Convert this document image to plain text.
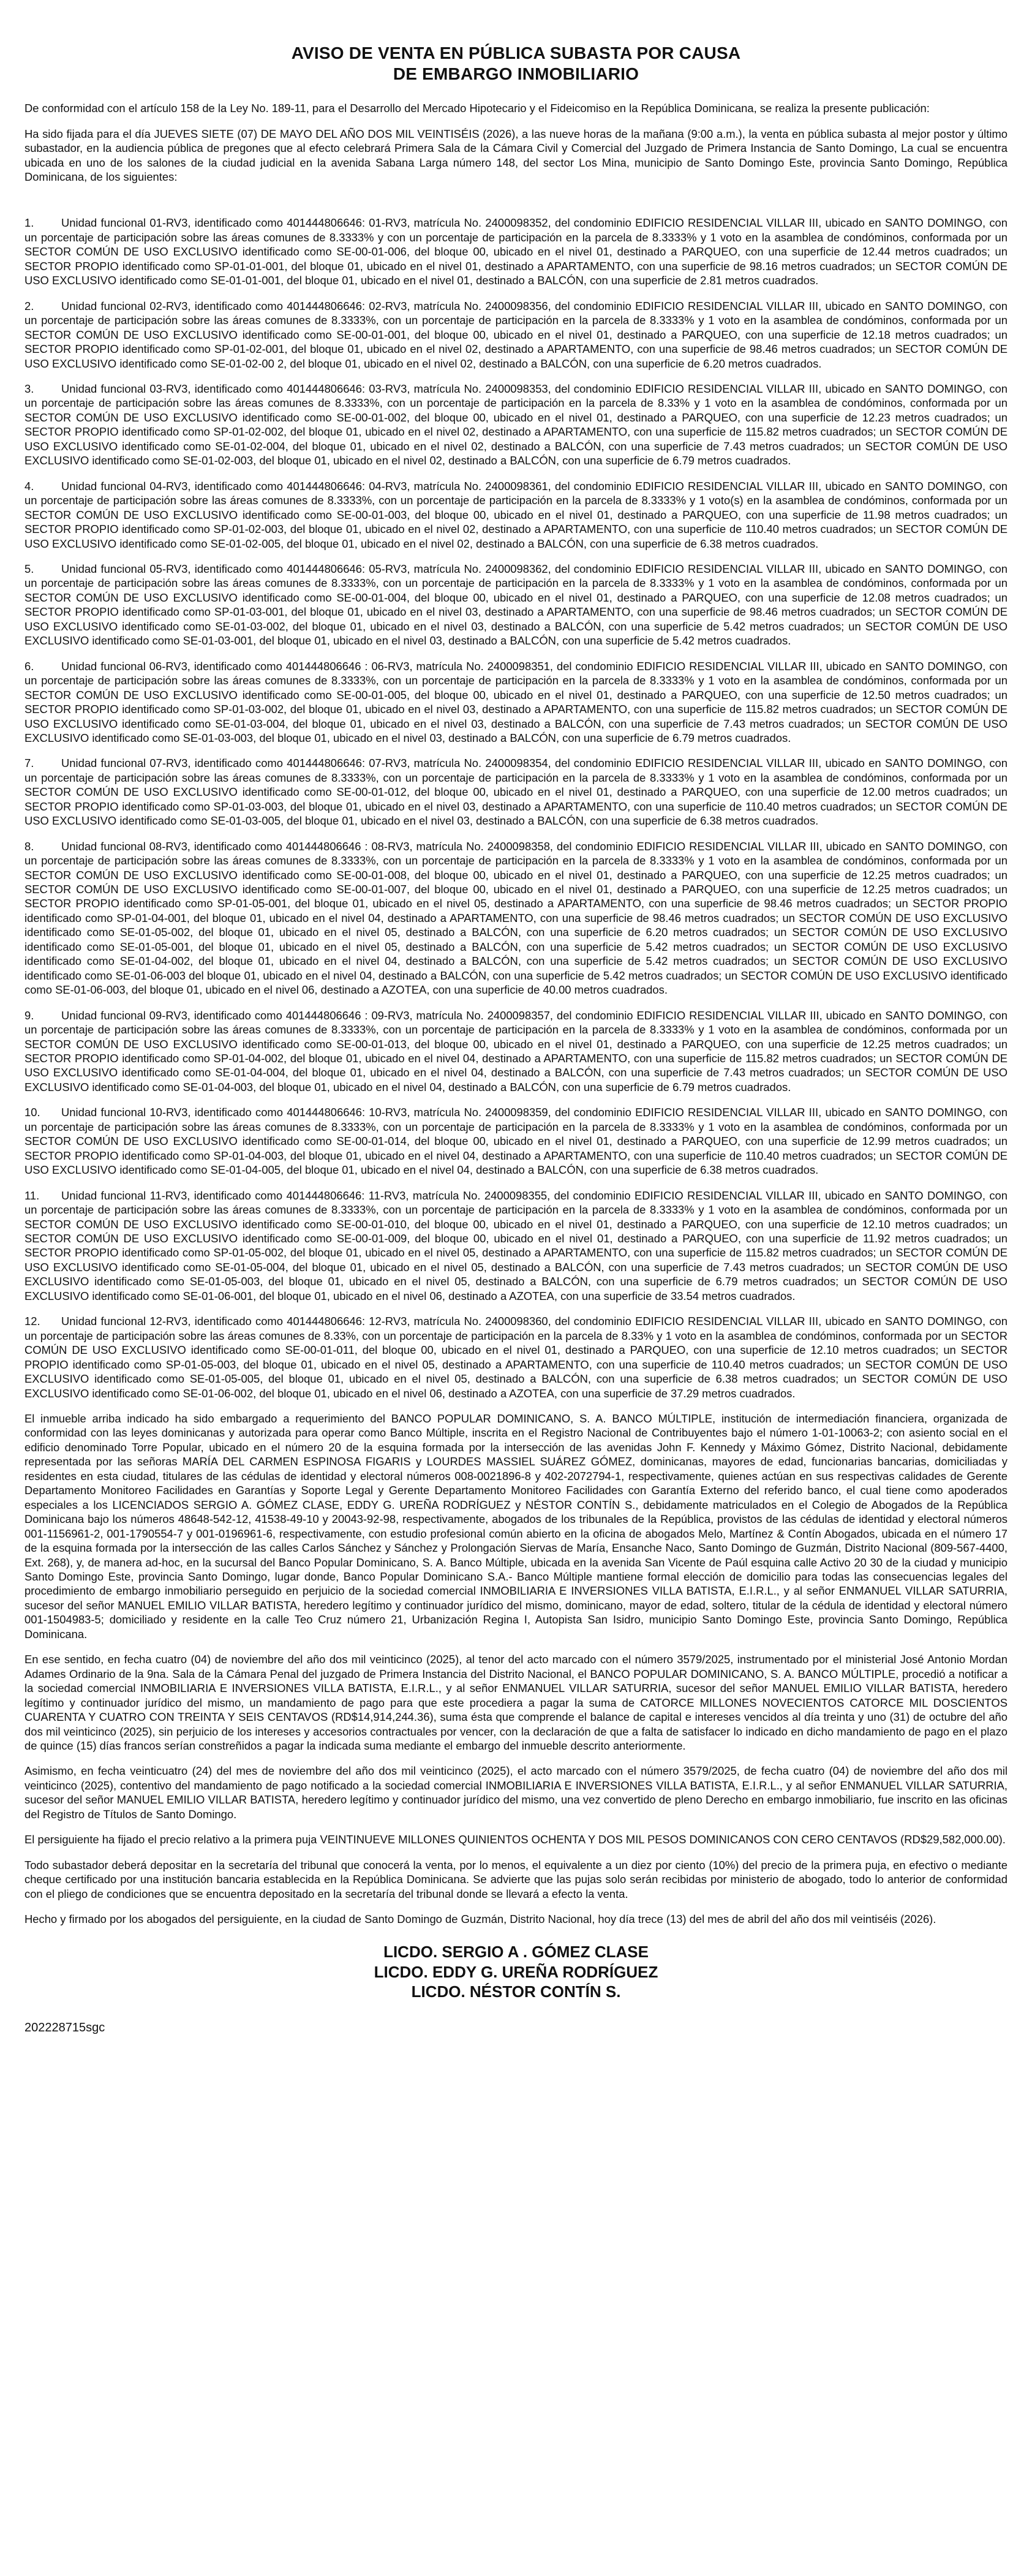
AVISO DE VENTA EN PÚBLICA SUBASTA POR CAUSA
DE EMBARGO INMOBILIARIO

De conformidad con el artículo 158 de la Ley No. 189-11, para el Desarrollo del Mercado Hipotecario y el Fideicomiso en la República Dominicana, se realiza la presente publicación:

Ha sido fijada para el día JUEVES SIETE (07) DE MAYO DEL AÑO DOS MIL VEINTISÉIS (2026), a las nueve horas de la mañana (9:00 a.m.), la venta en pública subasta al mejor postor y último subastador, en la audiencia pública de pregones que al efecto celebrará Primera Sala de la Cámara Civil y Comercial del Juzgado de Primera Instancia de Santo Domingo, La cual se encuentra ubicada en uno de los salones de la ciudad judicial en la avenida Sabana Larga número 148, del sector Los Mina, municipio de Santo Domingo Este, provincia Santo Domingo, República Dominicana, de los siguientes:

1. Unidad funcional 01-RV3, identificado como 401444806646: 01-RV3, matrícula No. 2400098352, del condominio EDIFICIO RESIDENCIAL VILLAR III, ubicado en SANTO DOMINGO, con un porcentaje de participación sobre las áreas comunes de 8.3333% y con un porcentaje de participación en la parcela de 8.3333% y 1 voto en la asamblea de condóminos, conformada por un SECTOR COMÚN DE USO EXCLUSIVO identificado como SE-00-01-006, del bloque 00, ubicado en el nivel 01, destinado a PARQUEO, con una superficie de 12.44 metros cuadrados; un SECTOR PROPIO identificado como SP-01-01-001, del bloque 01, ubicado en el nivel 01, destinado a APARTAMENTO, con una superficie de 98.16 metros cuadrados; un SECTOR COMÚN DE USO EXCLUSIVO identificado como SE-01-01-001, del bloque 01, ubicado en el nivel 01, destinado a BALCÓN, con una superficie de 2.81 metros cuadrados.
2. Unidad funcional 02-RV3, identificado como 401444806646: 02-RV3, matrícula No. 2400098356, del condominio EDIFICIO RESIDENCIAL VILLAR III, ubicado en SANTO DOMINGO, con un porcentaje de participación sobre las áreas comunes de 8.3333%, con un porcentaje de participación en la parcela de 8.3333% y 1 voto en la asamblea de condóminos, conformada por un SECTOR COMÚN DE USO EXCLUSIVO identificado como SE-00-01-001, del bloque 00, ubicado en el nivel 01, destinado a PARQUEO, con una superficie de 12.18 metros cuadrados; un SECTOR PROPIO identificado como SP-01-02-001, del bloque 01, ubicado en el nivel 02, destinado a APARTAMENTO, con una superficie de 98.46 metros cuadrados; un SECTOR COMÚN DE USO EXCLUSIVO identificado como SE-01-02-00 2, del bloque 01, ubicado en el nivel 02, destinado a BALCÓN, con una superficie de 6.20 metros cuadrados.
3. Unidad funcional 03-RV3, identificado como 401444806646: 03-RV3, matrícula No. 2400098353, del condominio EDIFICIO RESIDENCIAL VILLAR III, ubicado en SANTO DOMINGO, con un porcentaje de participación sobre las áreas comunes de 8.3333%, con un porcentaje de participación en la parcela de 8.33% y 1 voto en la asamblea de condóminos, conformada por un SECTOR COMÚN DE USO EXCLUSIVO identificado como SE-00-01-002, del bloque 00, ubicado en el nivel 01, destinado a PARQUEO, con una superficie de 12.23 metros cuadrados; un SECTOR PROPIO identificado como SP-01-02-002, del bloque 01, ubicado en el nivel 02, destinado a APARTAMENTO, con una superficie de 115.82 metros cuadrados; un SECTOR COMÚN DE USO EXCLUSIVO identificado como SE-01-02-004, del bloque 01, ubicado en el nivel 02, destinado a BALCÓN, con una superficie de 7.43 metros cuadrados; un SECTOR COMÚN DE USO EXCLUSIVO identificado como SE-01-02-003, del bloque 01, ubicado en el nivel 02, destinado a BALCÓN, con una superficie de 6.79 metros cuadrados.
4. Unidad funcional 04-RV3, identificado como 401444806646: 04-RV3, matrícula No. 2400098361, del condominio EDIFICIO RESIDENCIAL VILLAR III, ubicado en SANTO DOMINGO, con un porcentaje de participación sobre las áreas comunes de 8.3333%, con un porcentaje de participación en la parcela de 8.3333% y 1 voto(s) en la asamblea de condóminos, conformada por un SECTOR COMÚN DE USO EXCLUSIVO identificado como SE-00-01-003, del bloque 00, ubicado en el nivel 01, destinado a PARQUEO, con una superficie de 11.98 metros cuadrados; un SECTOR PROPIO identificado como SP-01-02-003, del bloque 01, ubicado en el nivel 02, destinado a APARTAMENTO, con una superficie de 110.40 metros cuadrados; un SECTOR COMÚN DE USO EXCLUSIVO identificado como SE-01-02-005, del bloque 01, ubicado en el nivel 02, destinado a BALCÓN, con una superficie de 6.38 metros cuadrados.
5. Unidad funcional 05-RV3, identificado como 401444806646: 05-RV3, matrícula No. 2400098362, del condominio EDIFICIO RESIDENCIAL VILLAR III, ubicado en SANTO DOMINGO, con un porcentaje de participación sobre las áreas comunes de 8.3333%, con un porcentaje de participación en la parcela de 8.3333% y 1 voto en la asamblea de condóminos, conformada por un SECTOR COMÚN DE USO EXCLUSIVO identificado como SE-00-01-004, del bloque 00, ubicado en el nivel 01, destinado a PARQUEO, con una superficie de 12.08 metros cuadrados; un SECTOR PROPIO identificado como SP-01-03-001, del bloque 01, ubicado en el nivel 03, destinado a APARTAMENTO, con una superficie de 98.46 metros cuadrados; un SECTOR COMÚN DE USO EXCLUSIVO identificado como SE-01-03-002, del bloque 01, ubicado en el nivel 03, destinado a BALCÓN, con una superficie de 5.42 metros cuadrados; un SECTOR COMÚN DE USO EXCLUSIVO identificado como SE-01-03-001, del bloque 01, ubicado en el nivel 03, destinado a BALCÓN, con una superficie de 5.42 metros cuadrados.
6. Unidad funcional 06-RV3, identificado como 401444806646 : 06-RV3, matrícula No. 2400098351, del condominio EDIFICIO RESIDENCIAL VILLAR III, ubicado en SANTO DOMINGO, con un porcentaje de participación sobre las áreas comunes de 8.3333%, con un porcentaje de participación en la parcela de 8.3333% y 1 voto en la asamblea de condóminos, conformada por un SECTOR COMÚN DE USO EXCLUSIVO identificado como SE-00-01-005, del bloque 00, ubicado en el nivel 01, destinado a PARQUEO, con una superficie de 12.50 metros cuadrados; un SECTOR PROPIO identificado como SP-01-03-002, del bloque 01, ubicado en el nivel 03, destinado a APARTAMENTO, con una superficie de 115.82 metros cuadrados; un SECTOR COMÚN DE USO EXCLUSIVO identificado como SE-01-03-004, del bloque 01, ubicado en el nivel 03, destinado a BALCÓN, con una superficie de 7.43 metros cuadrados; un SECTOR COMÚN DE USO EXCLUSIVO identificado como SE-01-03-003, del bloque 01, ubicado en el nivel 03, destinado a BALCÓN, con una superficie de 6.79 metros cuadrados.
7. Unidad funcional 07-RV3, identificado como 401444806646: 07-RV3, matrícula No. 2400098354, del condominio EDIFICIO RESIDENCIAL VILLAR III, ubicado en SANTO DOMINGO, con un porcentaje de participación sobre las áreas comunes de 8.3333%, con un porcentaje de participación en la parcela de 8.3333% y 1 voto en la asamblea de condóminos, conformada por un SECTOR COMÚN DE USO EXCLUSIVO identificado como SE-00-01-012, del bloque 00, ubicado en el nivel 01, destinado a PARQUEO, con una superficie de 12.00 metros cuadrados; un SECTOR PROPIO identificado como SP-01-03-003, del bloque 01, ubicado en el nivel 03, destinado a APARTAMENTO, con una superficie de 110.40 metros cuadrados; un SECTOR COMÚN DE USO EXCLUSIVO identificado como SE-01-03-005, del bloque 01, ubicado en el nivel 03, destinado a BALCÓN, con una superficie de 6.38 metros cuadrados.
8. Unidad funcional 08-RV3, identificado como 401444806646 : 08-RV3, matrícula No. 2400098358, del condominio EDIFICIO RESIDENCIAL VILLAR III, ubicado en SANTO DOMINGO, con un porcentaje de participación sobre las áreas comunes de 8.3333%, con un porcentaje de participación en la parcela de 8.3333% y 1 voto en la asamblea de condóminos, conformada por un SECTOR COMÚN DE USO EXCLUSIVO identificado como SE-00-01-008, del bloque 00, ubicado en el nivel 01, destinado a PARQUEO, con una superficie de 12.25 metros cuadrados; un SECTOR COMÚN DE USO EXCLUSIVO identificado como SE-00-01-007, del bloque 00, ubicado en el nivel 01, destinado a PARQUEO, con una superficie de 12.25 metros cuadrados; un SECTOR PROPIO identificado como SP-01-05-001, del bloque 01, ubicado en el nivel 05, destinado a APARTAMENTO, con una superficie de 98.46 metros cuadrados; un SECTOR PROPIO identificado como SP-01-04-001, del bloque 01, ubicado en el nivel 04, destinado a APARTAMENTO, con una superficie de 98.46 metros cuadrados; un SECTOR COMÚN DE USO EXCLUSIVO identificado como SE-01-05-002, del bloque 01, ubicado en el nivel 05, destinado a BALCÓN, con una superficie de 6.20 metros cuadrados; un SECTOR COMÚN DE USO EXCLUSIVO identificado como SE-01-05-001, del bloque 01, ubicado en el nivel 05, destinado a BALCÓN, con una superficie de 5.42 metros cuadrados; un SECTOR COMÚN DE USO EXCLUSIVO identificado como SE-01-04-002, del bloque 01, ubicado en el nivel 04, destinado a BALCÓN, con una superficie de 5.42 metros cuadrados; un SECTOR COMÚN DE USO EXCLUSIVO identificado como SE-01-06-003 del bloque 01, ubicado en el nivel 04, destinado a BALCÓN, con una superficie de 5.42 metros cuadrados; un SECTOR COMÚN DE USO EXCLUSIVO identificado como SE-01-06-003, del bloque 01, ubicado en el nivel 06, destinado a AZOTEA, con una superficie de 40.00 metros cuadrados.
9. Unidad funcional 09-RV3, identificado como 401444806646 : 09-RV3, matrícula No. 2400098357, del condominio EDIFICIO RESIDENCIAL VILLAR III, ubicado en SANTO DOMINGO, con un porcentaje de participación sobre las áreas comunes de 8.3333%, con un porcentaje de participación en la parcela de 8.3333% y 1 voto en la asamblea de condóminos, conformada por un SECTOR COMÚN DE USO EXCLUSIVO identificado como SE-00-01-013, del bloque 00, ubicado en el nivel 01, destinado a PARQUEO, con una superficie de 12.25 metros cuadrados; un SECTOR PROPIO identificado como SP-01-04-002, del bloque 01, ubicado en el nivel 04, destinado a APARTAMENTO, con una superficie de 115.82 metros cuadrados; un SECTOR COMÚN DE USO EXCLUSIVO identificado como SE-01-04-004, del bloque 01, ubicado en el nivel 04, destinado a BALCÓN, con una superficie de 7.43 metros cuadrados; un SECTOR COMÚN DE USO EXCLUSIVO identificado como SE-01-04-003, del bloque 01, ubicado en el nivel 04, destinado a BALCÓN, con una superficie de 6.79 metros cuadrados.
10. Unidad funcional 10-RV3, identificado como 401444806646: 10-RV3, matrícula No. 2400098359, del condominio EDIFICIO RESIDENCIAL VILLAR III, ubicado en SANTO DOMINGO, con un porcentaje de participación sobre las áreas comunes de 8.3333%, con un porcentaje de participación en la parcela de 8.3333% y 1 voto en la asamblea de condóminos, conformada por un SECTOR COMÚN DE USO EXCLUSIVO identificado como SE-00-01-014, del bloque 00, ubicado en el nivel 01, destinado a PARQUEO, con una superficie de 12.99 metros cuadrados; un SECTOR PROPIO identificado como SP-01-04-003, del bloque 01, ubicado en el nivel 04, destinado a APARTAMENTO, con una superficie de 110.40 metros cuadrados; un SECTOR COMÚN DE USO EXCLUSIVO identificado como SE-01-04-005, del bloque 01, ubicado en el nivel 04, destinado a BALCÓN, con una superficie de 6.38 metros cuadrados.
11. Unidad funcional 11-RV3, identificado como 401444806646: 11-RV3, matrícula No. 2400098355, del condominio EDIFICIO RESIDENCIAL VILLAR III, ubicado en SANTO DOMINGO, con un porcentaje de participación sobre las áreas comunes de 8.3333%, con un porcentaje de participación en la parcela de 8.3333% y 1 voto en la asamblea de condóminos, conformada por un SECTOR COMÚN DE USO EXCLUSIVO identificado como SE-00-01-010, del bloque 00, ubicado en el nivel 01, destinado a PARQUEO, con una superficie de 12.10 metros cuadrados; un SECTOR COMÚN DE USO EXCLUSIVO identificado como SE-00-01-009, del bloque 00, ubicado en el nivel 01, destinado a PARQUEO, con una superficie de 11.92 metros cuadrados; un SECTOR PROPIO identificado como SP-01-05-002, del bloque 01, ubicado en el nivel 05, destinado a APARTAMENTO, con una superficie de 115.82 metros cuadrados; un SECTOR COMÚN DE USO EXCLUSIVO identificado como SE-01-05-004, del bloque 01, ubicado en el nivel 05, destinado a BALCÓN, con una superficie de 7.43 metros cuadrados; un SECTOR COMÚN DE USO EXCLUSIVO identificado como SE-01-05-003, del bloque 01, ubicado en el nivel 05, destinado a BALCÓN, con una superficie de 6.79 metros cuadrados; un SECTOR COMÚN DE USO EXCLUSIVO identificado como SE-01-06-001, del bloque 01, ubicado en el nivel 06, destinado a AZOTEA, con una superficie de 33.54 metros cuadrados.
12. Unidad funcional 12-RV3, identificado como 401444806646: 12-RV3, matrícula No. 2400098360, del condominio EDIFICIO RESIDENCIAL VILLAR III, ubicado en SANTO DOMINGO, con un porcentaje de participación sobre las áreas comunes de 8.33%, con un porcentaje de participación en la parcela de 8.33% y 1 voto en la asamblea de condóminos, conformada por un SECTOR COMÚN DE USO EXCLUSIVO identificado como SE-00-01-011, del bloque 00, ubicado en el nivel 01, destinado a PARQUEO, con una superficie de 12.10 metros cuadrados; un SECTOR PROPIO identificado como SP-01-05-003, del bloque 01, ubicado en el nivel 05, destinado a APARTAMENTO, con una superficie de 110.40 metros cuadrados; un SECTOR COMÚN DE USO EXCLUSIVO identificado como SE-01-05-005, del bloque 01, ubicado en el nivel 05, destinado a BALCÓN, con una superficie de 6.38 metros cuadrados; un SECTOR COMÚN DE USO EXCLUSIVO identificado como SE-01-06-002, del bloque 01, ubicado en el nivel 06, destinado a AZOTEA, con una superficie de 37.29 metros cuadrados.

El inmueble arriba indicado ha sido embargado a requerimiento del BANCO POPULAR DOMINICANO, S. A. BANCO MÚLTIPLE, institución de intermediación financiera, organizada de conformidad con las leyes dominicanas y autorizada para operar como Banco Múltiple, inscrita en el Registro Nacional de Contribuyentes bajo el número 1-01-10063-2; con asiento social en el edificio denominado Torre Popular, ubicado en el número 20 de la esquina formada por la intersección de las avenidas John F. Kennedy y Máximo Gómez, Distrito Nacional, debidamente representada por las señoras MARÍA DEL CARMEN ESPINOSA FIGARIS y LOURDES MASSIEL SUÁREZ GÓMEZ, dominicanas, mayores de edad, funcionarias bancarias, domiciliadas y residentes en esta ciudad, titulares de las cédulas de identidad y electoral números 008-0021896-8 y 402-2072794-1, respectivamente, quienes actúan en sus respectivas calidades de Gerente Departamento Monitoreo Facilidades en Garantías y Soporte Legal y Gerente Departamento Monitoreo Facilidades con Garantía Externo del referido banco, el cual tiene como apoderados especiales a los LICENCIADOS SERGIO A. GÓMEZ CLASE, EDDY G. UREÑA RODRÍGUEZ y NÉSTOR CONTÍN S., debidamente matriculados en el Colegio de Abogados de la República Dominicana bajo los números 48648-542-12, 41538-49-10 y 20043-92-98, respectivamente, abogados de los tribunales de la República, provistos de las cédulas de identidad y electoral números 001-1156961-2, 001-1790554-7 y 001-0196961-6, respectivamente, con estudio profesional común abierto en la oficina de abogados Melo, Martínez & Contín Abogados, ubicada en el número 17 de la esquina formada por la intersección de las calles Carlos Sánchez y Sánchez y Prolongación Siervas de María, Ensanche Naco, Santo Domingo de Guzmán, Distrito Nacional (809-567-4400, Ext. 268), y, de manera ad-hoc, en la sucursal del Banco Popular Dominicano, S. A. Banco Múltiple, ubicada en la avenida San Vicente de Paúl esquina calle Activo 20 30 de la ciudad y municipio Santo Domingo Este, provincia Santo Domingo, lugar donde, Banco Popular Dominicano S.A.- Banco Múltiple mantiene formal elección de domicilio para todas las consecuencias legales del procedimiento de embargo inmobiliario perseguido en perjuicio de la sociedad comercial INMOBILIARIA E INVERSIONES VILLA BATISTA, E.I.R.L., y al señor ENMANUEL VILLAR SATURRIA, sucesor del señor MANUEL EMILIO VILLAR BATISTA, heredero legítimo y continuador jurídico del mismo, dominicano, mayor de edad, soltero, titular de la cédula de identidad y electoral número 001-1504983-5; domiciliado y residente en la calle Teo Cruz número 21, Urbanización Regina I, Autopista San Isidro, municipio Santo Domingo Este, provincia Santo Domingo, República Dominicana.

En ese sentido, en fecha cuatro (04) de noviembre del año dos mil veinticinco (2025), al tenor del acto marcado con el número 3579/2025, instrumentado por el ministerial José Antonio Mordan Adames Ordinario de la 9na. Sala de la Cámara Penal del juzgado de Primera Instancia del Distrito Nacional, el BANCO POPULAR DOMINICANO, S. A. BANCO MÚLTIPLE, procedió a notificar a la sociedad comercial INMOBILIARIA E INVERSIONES VILLA BATISTA, E.I.R.L., y al señor ENMANUEL VILLAR SATURRIA, sucesor del señor MANUEL EMILIO VILLAR BATISTA, heredero legítimo y continuador jurídico del mismo, un mandamiento de pago para que este procediera a pagar la suma de CATORCE MILLONES NOVECIENTOS CATORCE MIL DOSCIENTOS CUARENTA Y CUATRO CON TREINTA Y SEIS CENTAVOS (RD$14,914,244.36), suma ésta que comprende el balance de capital e intereses vencidos al día treinta y uno (31) de octubre del año dos mil veinticinco (2025), sin perjuicio de los intereses y accesorios contractuales por vencer, con la declaración de que a falta de satisfacer lo indicado en dicho mandamiento de pago en el plazo de quince (15) días francos serían constreñidos a pagar la indicada suma mediante el embargo del inmueble descrito anteriormente.

Asimismo, en fecha veinticuatro (24) del mes de noviembre del año dos mil veinticinco (2025), el acto marcado con el número 3579/2025, de fecha cuatro (04) de noviembre del año dos mil veinticinco (2025), contentivo del mandamiento de pago notificado a la sociedad comercial INMOBILIARIA E INVERSIONES VILLA BATISTA, E.I.R.L., y al señor ENMANUEL VILLAR SATURRIA, sucesor del señor MANUEL EMILIO VILLAR BATISTA, heredero legítimo y continuador jurídico del mismo, una vez convertido de pleno Derecho en embargo inmobiliario, fue inscrito en las oficinas del Registro de Títulos de Santo Domingo.

El persiguiente ha fijado el precio relativo a la primera puja VEINTINUEVE MILLONES QUINIENTOS OCHENTA Y DOS MIL PESOS DOMINICANOS CON CERO CENTAVOS (RD$29,582,000.00).

Todo subastador deberá depositar en la secretaría del tribunal que conocerá la venta, por lo menos, el equivalente a un diez por ciento (10%) del precio de la primera puja, en efectivo o mediante cheque certificado por una institución bancaria establecida en la República Dominicana. Se advierte que las pujas solo serán recibidas por ministerio de abogado, todo lo anterior de conformidad con el pliego de condiciones que se encuentra depositado en la secretaría del tribunal donde se llevará a efecto la venta.

Hecho y firmado por los abogados del persiguiente, en la ciudad de Santo Domingo de Guzmán, Distrito Nacional, hoy día trece (13) del mes de abril del año dos mil veintiséis (2026).

LICDO. SERGIO A . GÓMEZ CLASE
LICDO. EDDY G. UREÑA RODRÍGUEZ
LICDO. NÉSTOR CONTÍN S.
202228715sgc
